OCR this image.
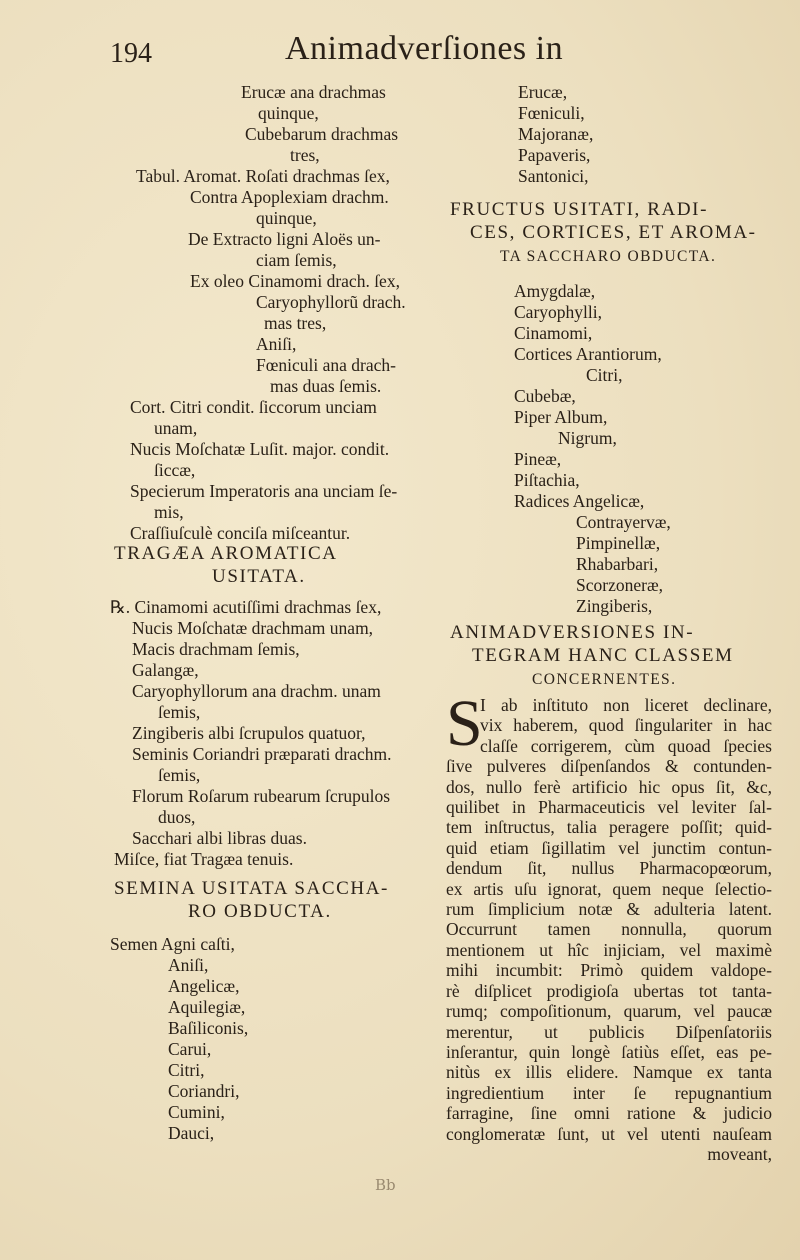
194	Animadverſiones in
Erucæ ana drachmas
quinque,
Cubebarum drachmas
tres,
Tabul. Aromat. Roſati drachmas ſex,
Contra Apoplexiam drachm.
quinque,
De Extracto ligni Aloës un-
ciam ſemis,
Ex oleo Cinamomi drach. ſex,
Caryophyllorũ drach.
mas tres,
Aniſi,
Fœniculi ana drach-
mas duas ſemis.
Cort. Citri condit. ſiccorum unciam
unam,
Nucis Moſchatæ Luſit. major. condit.
ſiccæ,
Specierum Imperatoris ana unciam ſe-
mis,
Craſſiuſculè conciſa miſceantur.
TRAGÆA AROMATICA
USITATA.
℞. Cinamomi acutiſſimi drachmas ſex,
Nucis Moſchatæ drachmam unam,
Macis drachmam ſemis,
Galangæ,
Caryophyllorum ana drachm. unam
ſemis,
Zingiberis albi ſcrupulos quatuor,
Seminis Coriandri præparati drachm.
ſemis,
Florum Roſarum rubearum ſcrupulos
duos,
Sacchari albi libras duas.
Miſce, fiat Tragæa tenuis.
SEMINA USITATA SACCHA-
RO OBDUCTA.
Semen Agni caſti,
Aniſi,
Angelicæ,
Aquilegiæ,
Baſiliconis,
Carui,
Citri,
Coriandri,
Cumini,
Dauci,
Erucæ,
Fœniculi,
Majoranæ,
Papaveris,
Santonici,
FRUCTUS USITATI, RADI-
CES, CORTICES, ET AROMA-
TA SACCHARO OBDUCTA.
Amygdalæ,
Caryophylli,
Cinamomi,
Cortices Arantiorum,
Citri,
Cubebæ,
Piper Album,
Nigrum,
Pineæ,
Piſtachia,
Radices Angelicæ,
Contrayervæ,
Pimpinellæ,
Rhabarbari,
Scorzoneræ,
Zingiberis,
ANIMADVERSIONES IN-
TEGRAM HANC CLASSEM
CONCERNENTES.
S

I ab inſtituto non liceret declinare,

vix haberem, quod ſingulariter in hac

claſſe corrigerem, cùm quoad ſpecies

ſive pulveres diſpenſandos & contunden-

dos, nullo ferè artificio hic opus ſit, &c,

quilibet in Pharmaceuticis vel leviter ſal-

tem inſtructus, talia peragere poſſit; quid-

quid etiam ſigillatim vel junctim contun-

dendum ſit, nullus Pharmacopœorum,

ex artis uſu ignorat, quem neque ſelectio-

rum ſimplicium notæ & adulteria latent.

Occurrunt tamen nonnulla, quorum

mentionem ut hîc injiciam, vel maximè

mihi incumbit: Primò quidem valdope-

rè diſplicet prodigioſa ubertas tot tanta-

rumq; compoſitionum, quarum, vel paucæ

merentur, ut publicis Diſpenſatoriis

inſerantur, quin longè ſatiùs eſſet, eas pe-

nitùs ex illis elidere. Namque ex tanta

ingredientium inter ſe repugnantium

farragine, ſine omni ratione & judicio

conglomeratæ ſunt, ut vel utenti nauſeam

moveant,

Bb
